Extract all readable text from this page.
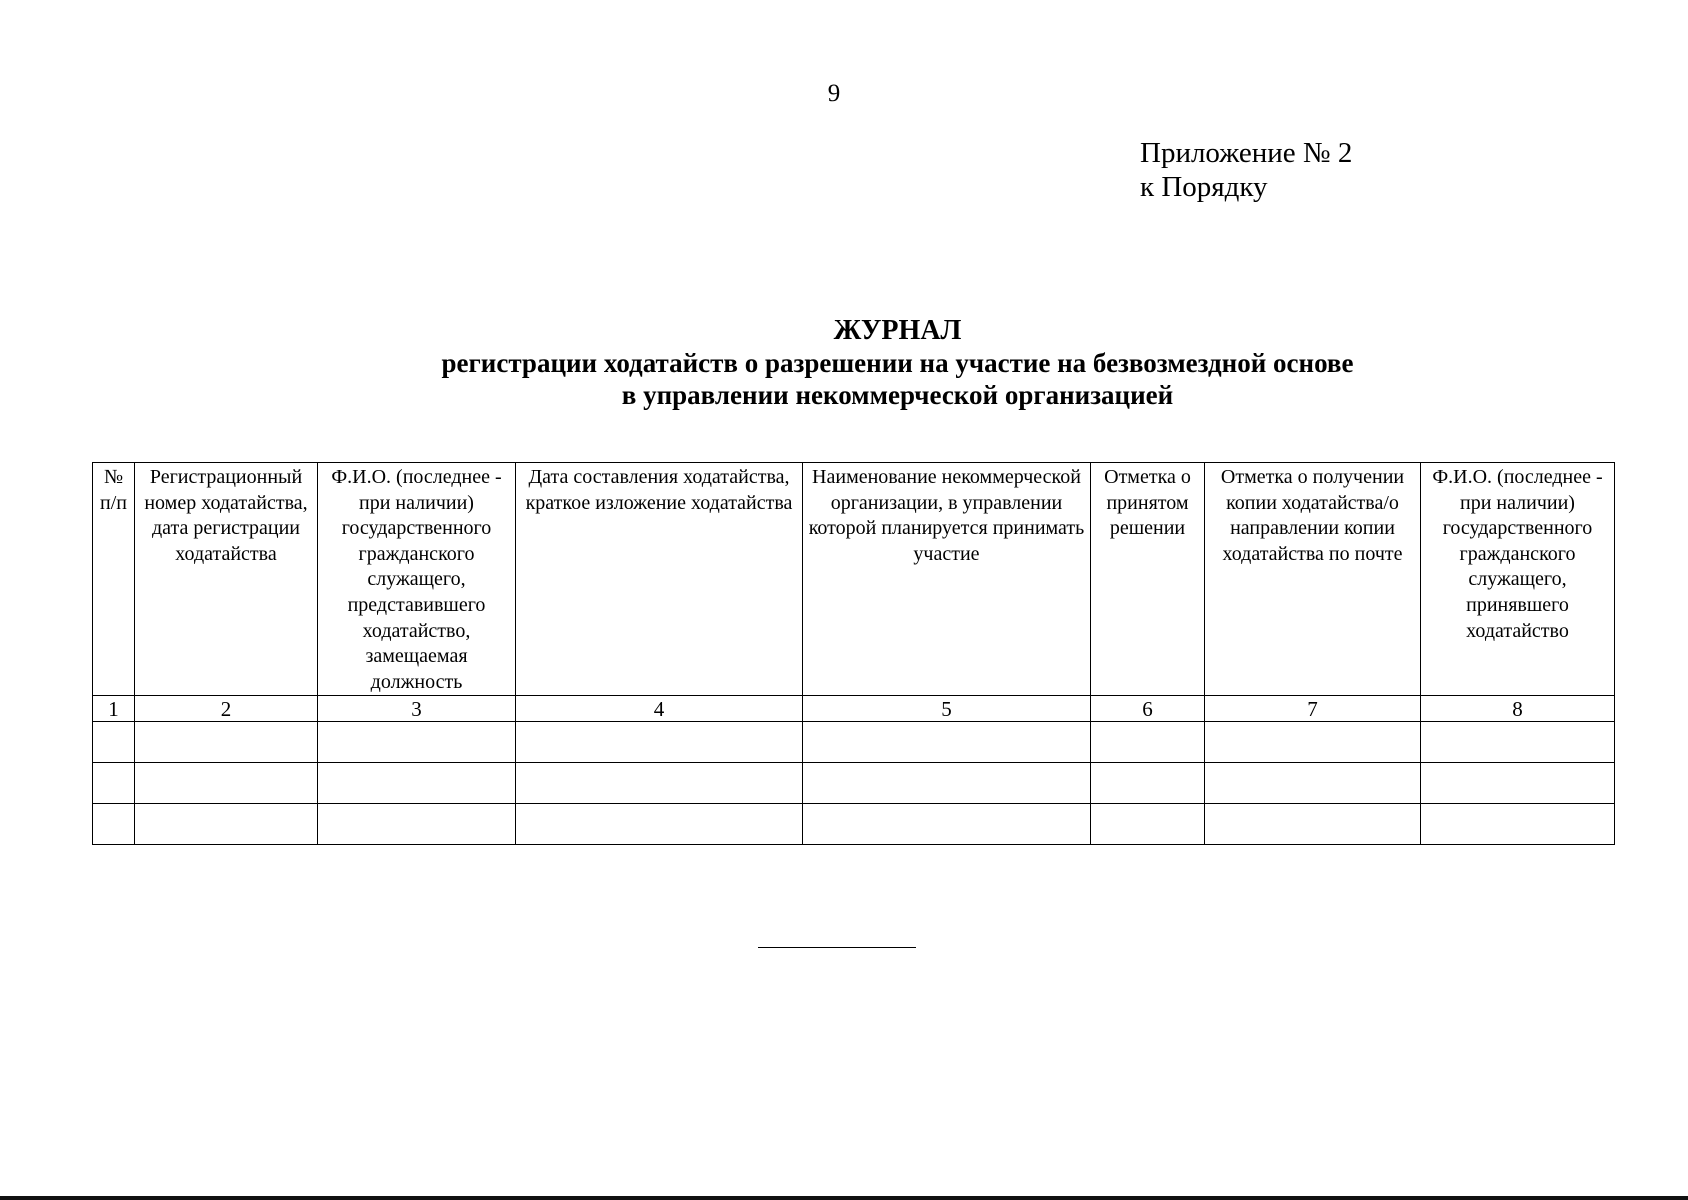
9
Приложение № 2
к Порядку
ЖУРНАЛ
регистрации ходатайств о разрешении на участие на безвозмездной основе
в управлении некоммерческой организацией
№ п/п	Регистрационный номер ходатайства, дата регистрации ходатайства	Ф.И.О. (последнее - при наличии) государственного гражданского служащего, представившего ходатайство, замещаемая должность	Дата составления ходатайства, краткое изложение ходатайства	Наименование некоммерческой организации, в управлении которой планируется принимать участие	Отметка о принятом решении	Отметка о получении копии ходатайства/о направлении копии ходатайства по почте	Ф.И.О. (последнее - при наличии) государственного гражданского служащего, принявшего ходатайство
1	2	3	4	5	6	7	8
